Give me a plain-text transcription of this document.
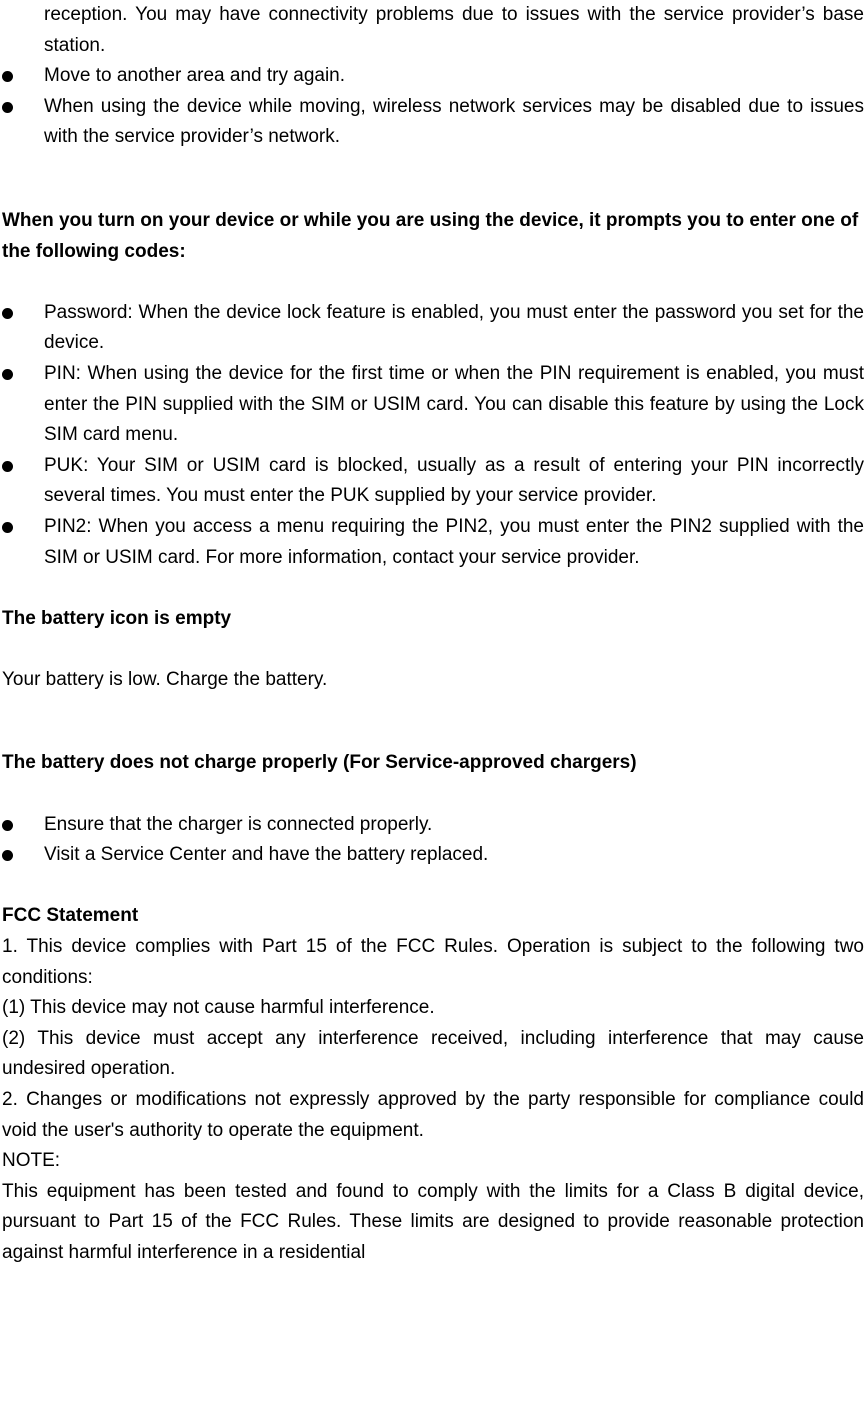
reception. You may have connectivity problems due to issues with the service provider’s base station.
Move to another area and try again.
When using the device while moving, wireless network services may be disabled due to issues with the service provider’s network.

When you turn on your device or while you are using the device, it prompts you to enter one of the following codes:

Password: When the device lock feature is enabled, you must enter the password you set for the device.
PIN: When using the device for the first time or when the PIN requirement is enabled, you must enter the PIN supplied with the SIM or USIM card. You can disable this feature by using the Lock SIM card menu.
PUK: Your SIM or USIM card is blocked, usually as a result of entering your PIN incorrectly several times. You must enter the PUK supplied by your service provider.
PIN2: When you access a menu requiring the PIN2, you must enter the PIN2 supplied with the SIM or USIM card. For more information, contact your service provider.

The battery icon is empty

Your battery is low. Charge the battery.

The battery does not charge properly (For Service-approved chargers)

Ensure that the charger is connected properly.
Visit a Service Center and have the battery replaced.

FCC Statement

1. This device complies with Part 15 of the FCC Rules. Operation is subject to the following two conditions:

(1) This device may not cause harmful interference.

(2) This device must accept any interference received, including interference that may cause undesired operation.

2. Changes or modifications not expressly approved by the party responsible for compliance could void the user's authority to operate the equipment.

NOTE:

This equipment has been tested and found to comply with the limits for a Class B digital device, pursuant to Part 15 of the FCC Rules. These limits are designed to provide reasonable protection against harmful interference in a residential
